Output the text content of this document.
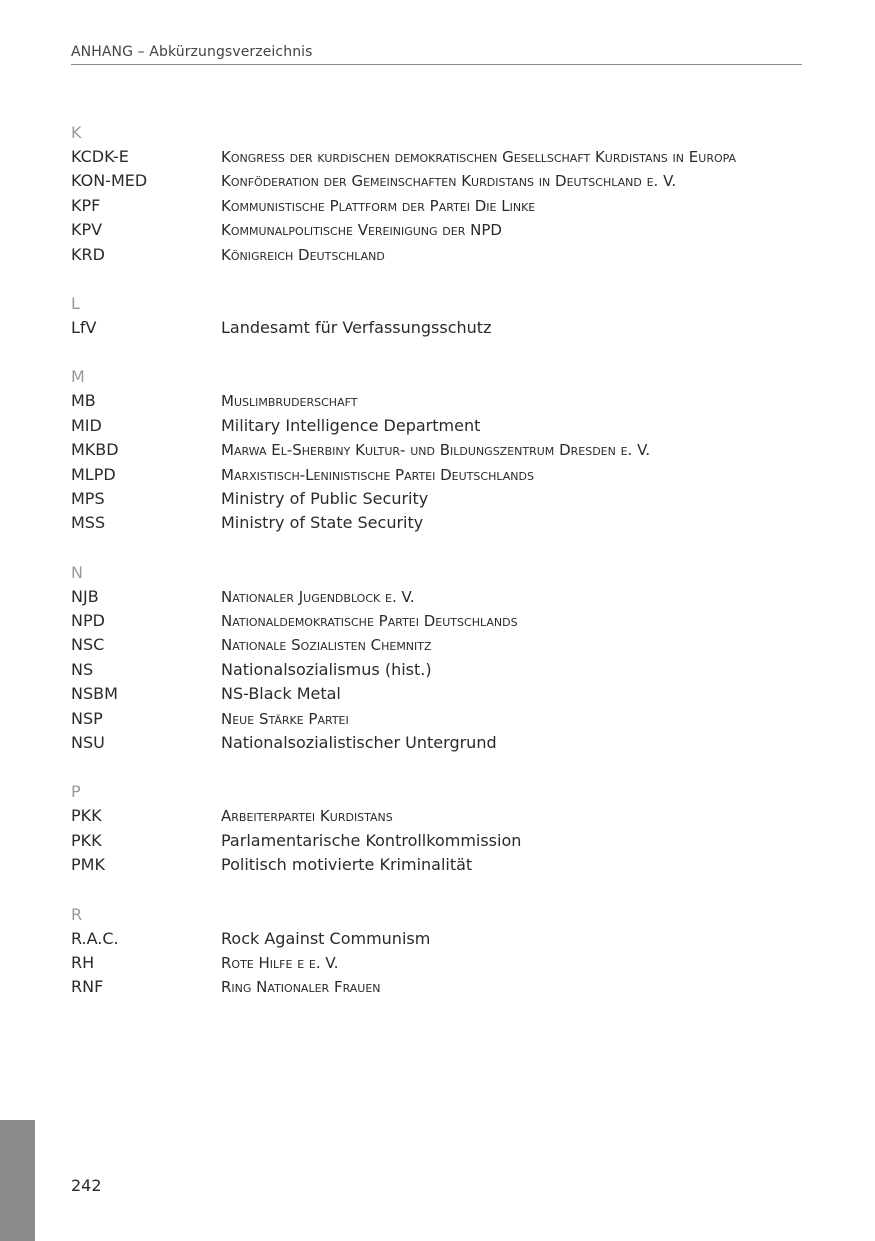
ANHANG – Abkürzungsverzeichnis
K
KCDK-E	Kongress der kurdischen demokratischen Gesellschaft Kurdistans in Europa
KON-MED	Konföderation der Gemeinschaften Kurdistans in Deutschland e. V.
KPF	Kommunistische Plattform der Partei Die Linke
KPV	Kommunalpolitische Vereinigung der NPD
KRD	Königreich Deutschland
L
LfV	Landesamt für Verfassungsschutz
M
MB	Muslimbruderschaft
MID	Military Intelligence Department
MKBD	Marwa El-Sherbiny Kultur- und Bildungszentrum Dresden e. V.
MLPD	Marxistisch-Leninistische Partei Deutschlands
MPS	Ministry of Public Security
MSS	Ministry of State Security
N
NJB	Nationaler Jugendblock e. V.
NPD	Nationaldemokratische Partei Deutschlands
NSC	Nationale Sozialisten Chemnitz
NS	Nationalsozialismus (hist.)
NSBM	NS-Black Metal
NSP	Neue Stärke Partei
NSU	Nationalsozialistischer Untergrund
P
PKK	Arbeiterpartei Kurdistans
PKK	Parlamentarische Kontrollkommission
PMK	Politisch motivierte Kriminalität
R
R.A.C.	Rock Against Communism
RH	Rote Hilfe e e. V.
RNF	Ring Nationaler Frauen
242
